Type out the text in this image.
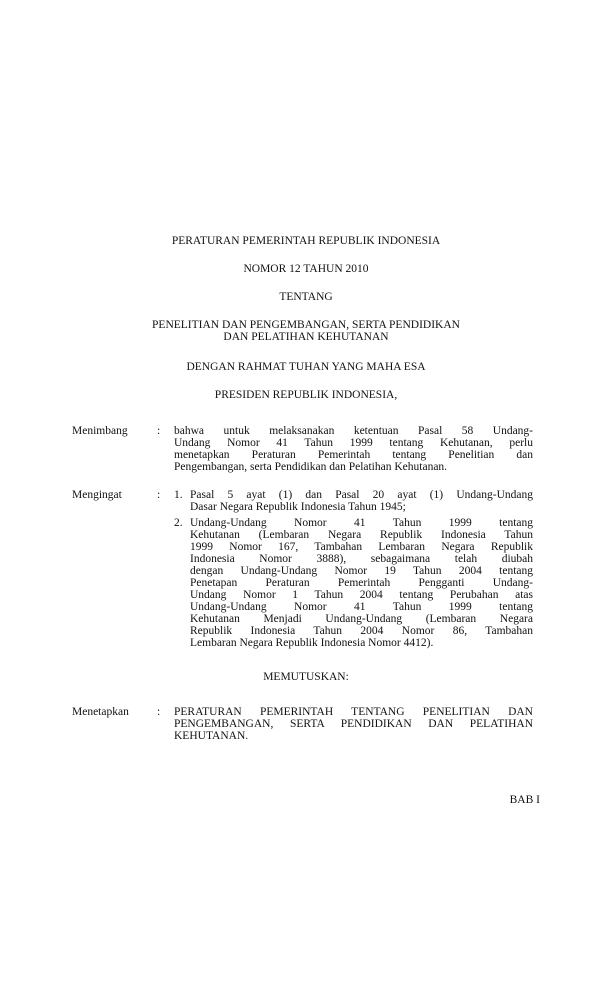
PERATURAN PEMERINTAH REPUBLIK INDONESIA
NOMOR 12 TAHUN 2010
TENTANG
PENELITIAN DAN PENGEMBANGAN, SERTA PENDIDIKAN
DAN PELATIHAN KEHUTANAN
DENGAN RAHMAT TUHAN YANG MAHA ESA
PRESIDEN REPUBLIK INDONESIA,
Menimbang	: bahwa untuk melaksanakan ketentuan Pasal 58 Undang-
Undang Nomor 41 Tahun 1999 tentang Kehutanan, perlu
menetapkan Peraturan Pemerintah tentang Penelitian dan
Pengembangan, serta Pendidikan dan Pelatihan Kehutanan.
Mengingat	: 1. Pasal 5 ayat (1) dan Pasal 20 ayat (1) Undang-Undang
Dasar Negara Republik Indonesia Tahun 1945;
2. Undang-Undang Nomor 41 Tahun 1999 tentang
Kehutanan (Lembaran Negara Republik Indonesia Tahun
1999 Nomor 167, Tambahan Lembaran Negara Republik
Indonesia Nomor 3888), sebagaimana telah diubah
dengan Undang-Undang Nomor 19 Tahun 2004 tentang
Penetapan Peraturan Pemerintah Pengganti Undang-
Undang Nomor 1 Tahun 2004 tentang Perubahan atas
Undang-Undang Nomor 41 Tahun 1999 tentang
Kehutanan Menjadi Undang-Undang (Lembaran Negara
Republik Indonesia Tahun 2004 Nomor 86, Tambahan
Lembaran Negara Republik Indonesia Nomor 4412).
MEMUTUSKAN:
Menetapkan : PERATURAN PEMERINTAH TENTANG PENELITIAN DAN
PENGEMBANGAN, SERTA PENDIDIKAN DAN PELATIHAN
KEHUTANAN.
BAB I
